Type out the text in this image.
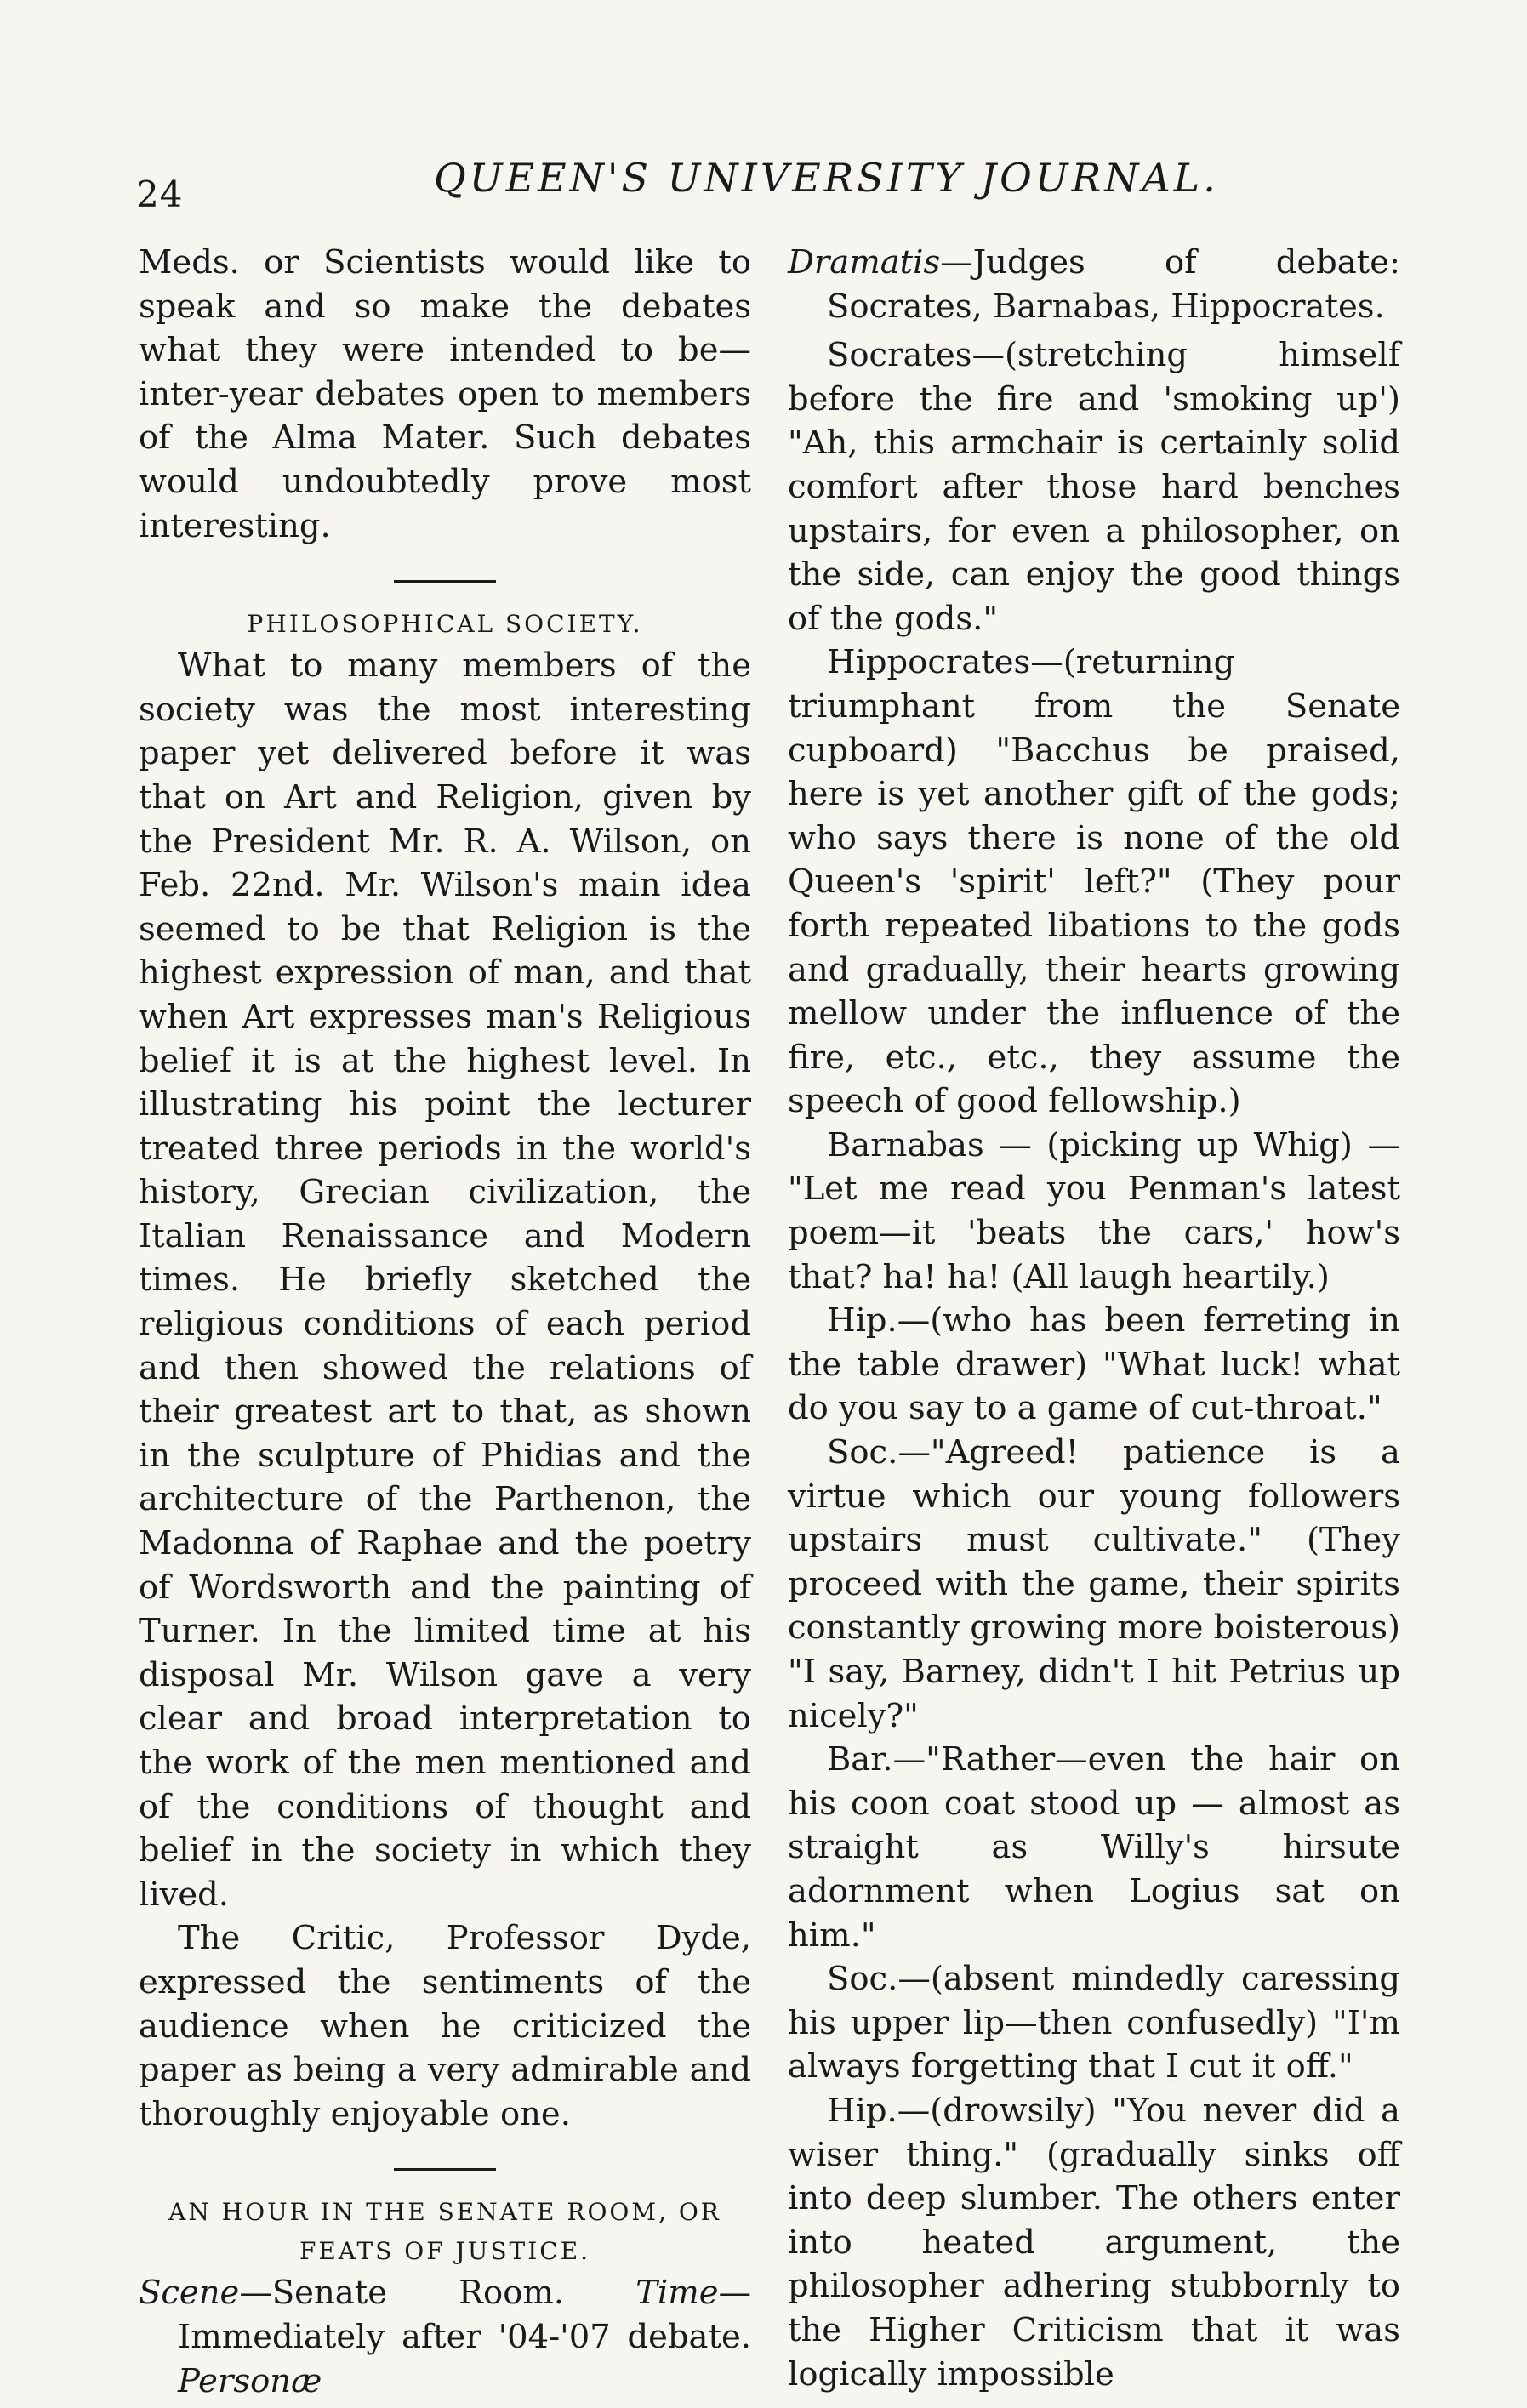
24	QUEEN'S UNIVERSITY JOURNAL.

Meds. or Scientists would like to speak and so make the debates what they were intended to be—inter-year debates open to members of the Alma Mater. Such debates would undoubtedly prove most interesting.

PHILOSOPHICAL SOCIETY.

What to many members of the society was the most interesting paper yet delivered before it was that on Art and Religion, given by the President Mr. R. A. Wilson, on Feb. 22nd. Mr. Wilson's main idea seemed to be that Religion is the highest expression of man, and that when Art expresses man's Religious belief it is at the highest level. In illustrating his point the lecturer treated three periods in the world's history, Grecian civilization, the Italian Renaissance and Modern times. He briefly sketched the religious conditions of each period and then showed the relations of their greatest art to that, as shown in the sculpture of Phidias and the architecture of the Parthenon, the Madonna of Raphae and the poetry of Wordsworth and the painting of Turner. In the limited time at his disposal Mr. Wilson gave a very clear and broad interpretation to the work of the men mentioned and of the conditions of thought and belief in the society in which they lived.

The Critic, Professor Dyde, expressed the sentiments of the audience when he criticized the paper as being a very admirable and thoroughly enjoyable one.

AN HOUR IN THE SENATE ROOM, OR FEATS OF JUSTICE.

Scene—Senate Room. Time—Immediately after '04-'07 debate. Personæ

Dramatis—Judges of debate: Socrates, Barnabas, Hippocrates.

Socrates—(stretching himself before the fire and 'smoking up') "Ah, this armchair is certainly solid comfort after those hard benches upstairs, for even a philosopher, on the side, can enjoy the good things of the gods."

Hippocrates—(returning triumphant from the Senate cupboard) "Bacchus be praised, here is yet another gift of the gods; who says there is none of the old Queen's 'spirit' left?" (They pour forth repeated libations to the gods and gradually, their hearts growing mellow under the influence of the fire, etc., etc., they assume the speech of good fellowship.)

Barnabas — (picking up Whig) — "Let me read you Penman's latest poem—it 'beats the cars,' how's that? ha! ha! (All laugh heartily.)

Hip.—(who has been ferreting in the table drawer) "What luck! what do you say to a game of cut-throat."

Soc.—"Agreed! patience is a virtue which our young followers upstairs must cultivate." (They proceed with the game, their spirits constantly growing more boisterous) "I say, Barney, didn't I hit Petrius up nicely?"

Bar.—"Rather—even the hair on his coon coat stood up — almost as straight as Willy's hirsute adornment when Logius sat on him."

Soc.—(absent mindedly caressing his upper lip—then confusedly) "I'm always forgetting that I cut it off."

Hip.—(drowsily) "You never did a wiser thing." (gradually sinks off into deep slumber. The others enter into heated argument, the philosopher adhering stubbornly to the Higher Criticism that it was logically impossible
